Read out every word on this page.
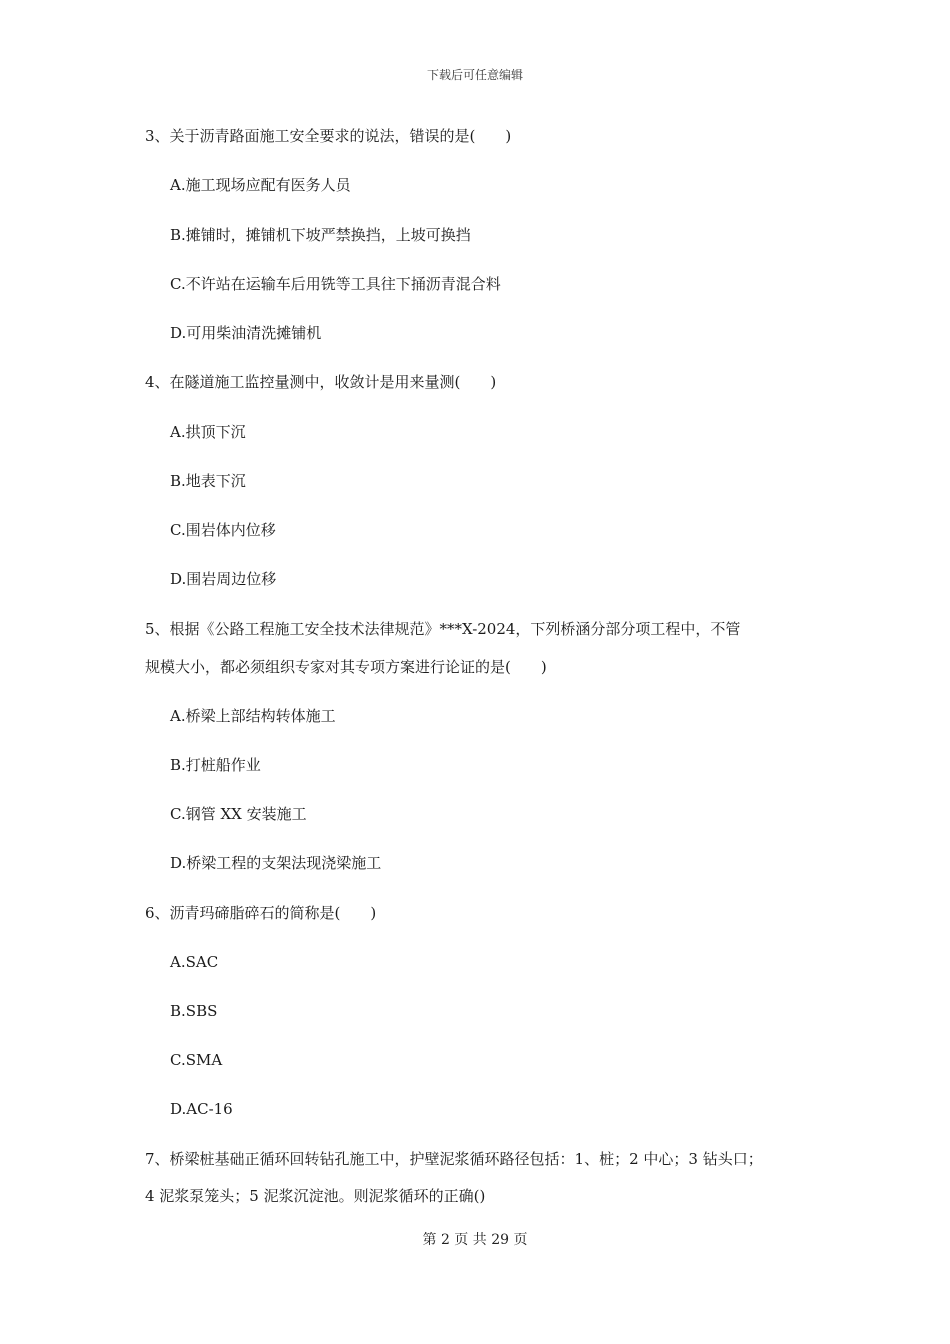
下载后可任意编辑
3、关于沥青路面施工安全要求的说法，错误的是(　　)
A.施工现场应配有医务人员
B.摊铺时，摊铺机下坡严禁换挡，上坡可换挡
C.不许站在运输车后用铣等工具往下捅沥青混合料
D.可用柴油清洗摊铺机
4、在隧道施工监控量测中，收敛计是用来量测(　　)
A.拱顶下沉
B.地表下沉
C.围岩体内位移
D.围岩周边位移
5、根据《公路工程施工安全技术法律规范》***X-2024，下列桥涵分部分项工程中，不管
规模大小，都必须组织专家对其专项方案进行论证的是(　　)
A.桥梁上部结构转体施工
B.打桩船作业
C.钢管 XX 安装施工
D.桥梁工程的支架法现浇梁施工
6、沥青玛碲脂碎石的简称是(　　)
A.SAC
B.SBS
C.SMA
D.AC-16
7、桥梁桩基础正循环回转钻孔施工中，护壁泥浆循环路径包括：1、桩；2 中心；3 钻头口；
4 泥浆泵笼头；5 泥浆沉淀池。则泥浆循环的正确()
第 2 页 共 29 页
